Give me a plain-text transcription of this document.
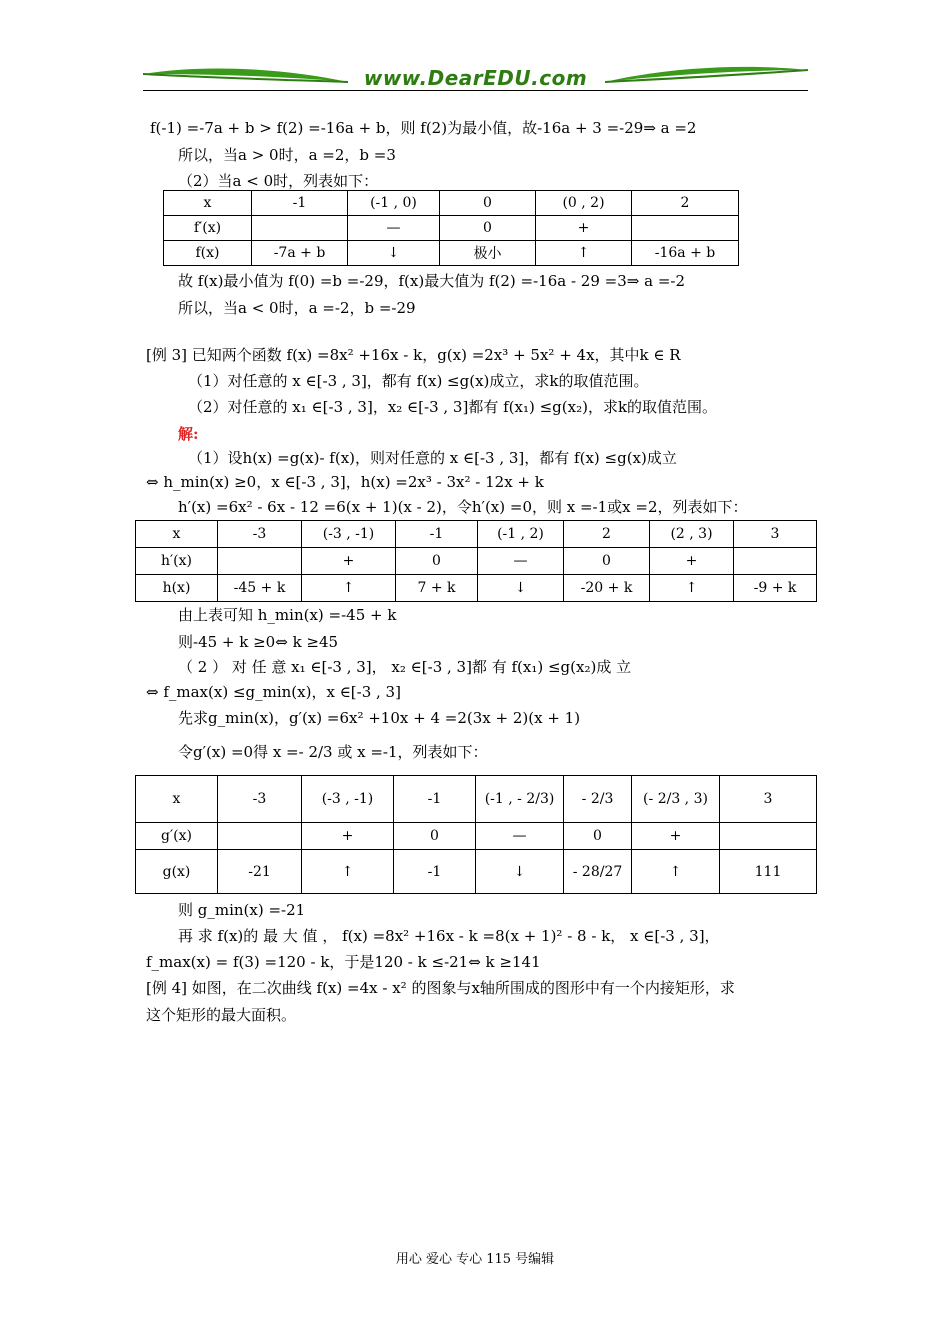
www.DearEDU.com
f(-1) =-7a + b > f(2) =-16a + b，则 f(2)为最小值，故-16a + 3 =-29⇒ a =2
所以，当a > 0时，a =2，b =3
（2）当a < 0时，列表如下：
x	-1	(-1 , 0)	0	(0 , 2)	2
f′(x)		—	0	+	
f(x)	-7a + b	↓	极小	↑	-16a + b
故 f(x)最小值为 f(0) =b =-29，f(x)最大值为 f(2) =-16a - 29 =3⇒ a =-2
所以，当a < 0时，a =-2，b =-29
[例 3] 已知两个函数 f(x) =8x² +16x - k，g(x) =2x³ + 5x² + 4x，其中k ∈ R
（1）对任意的 x ∈[-3 , 3]，都有 f(x) ≤g(x)成立，求k的取值范围。
（2）对任意的 x₁ ∈[-3 , 3]，x₂ ∈[-3 , 3]都有 f(x₁) ≤g(x₂)，求k的取值范围。
解:
（1）设h(x) =g(x)- f(x)，则对任意的 x ∈[-3 , 3]，都有 f(x) ≤g(x)成立
⇔ h_min(x) ≥0，x ∈[-3 , 3]，h(x) =2x³ - 3x² - 12x + k
h′(x) =6x² - 6x - 12 =6(x + 1)(x - 2)，令h′(x) =0，则 x =-1或x =2，列表如下：
x	-3	(-3 , -1)	-1	(-1 , 2)	2	(2 , 3)	3
h′(x)		+	0	—	0	+	
h(x)	-45 + k	↑	7 + k	↓	-20 + k	↑	-9 + k
由上表可知 h_min(x) =-45 + k
则-45 + k ≥0⇔ k ≥45
（ 2 ） 对 任 意 x₁ ∈[-3 , 3]， x₂ ∈[-3 , 3]都 有 f(x₁) ≤g(x₂)成 立
⇔ f_max(x) ≤g_min(x)，x ∈[-3 , 3]
先求g_min(x)，g′(x) =6x² +10x + 4 =2(3x + 2)(x + 1)
令g′(x) =0得 x =- 2/3 或 x =-1，列表如下：
x	-3	(-3 , -1)	-1	(-1 , - 2/3)	- 2/3	(- 2/3 , 3)	3
g′(x)		+	0	—	0	+	
g(x)	-21	↑	-1	↓	- 28/27	↑	111
则 g_min(x) =-21
再 求 f(x)的 最 大 值 ， f(x) =8x² +16x - k =8(x + 1)² - 8 - k， x ∈[-3 , 3]，
f_max(x) = f(3) =120 - k，于是120 - k ≤-21⇔ k ≥141
[例 4] 如图，在二次曲线 f(x) =4x - x² 的图象与x轴所围成的图形中有一个内接矩形，求
这个矩形的最大面积。
用心 爱心 专心 115 号编辑
